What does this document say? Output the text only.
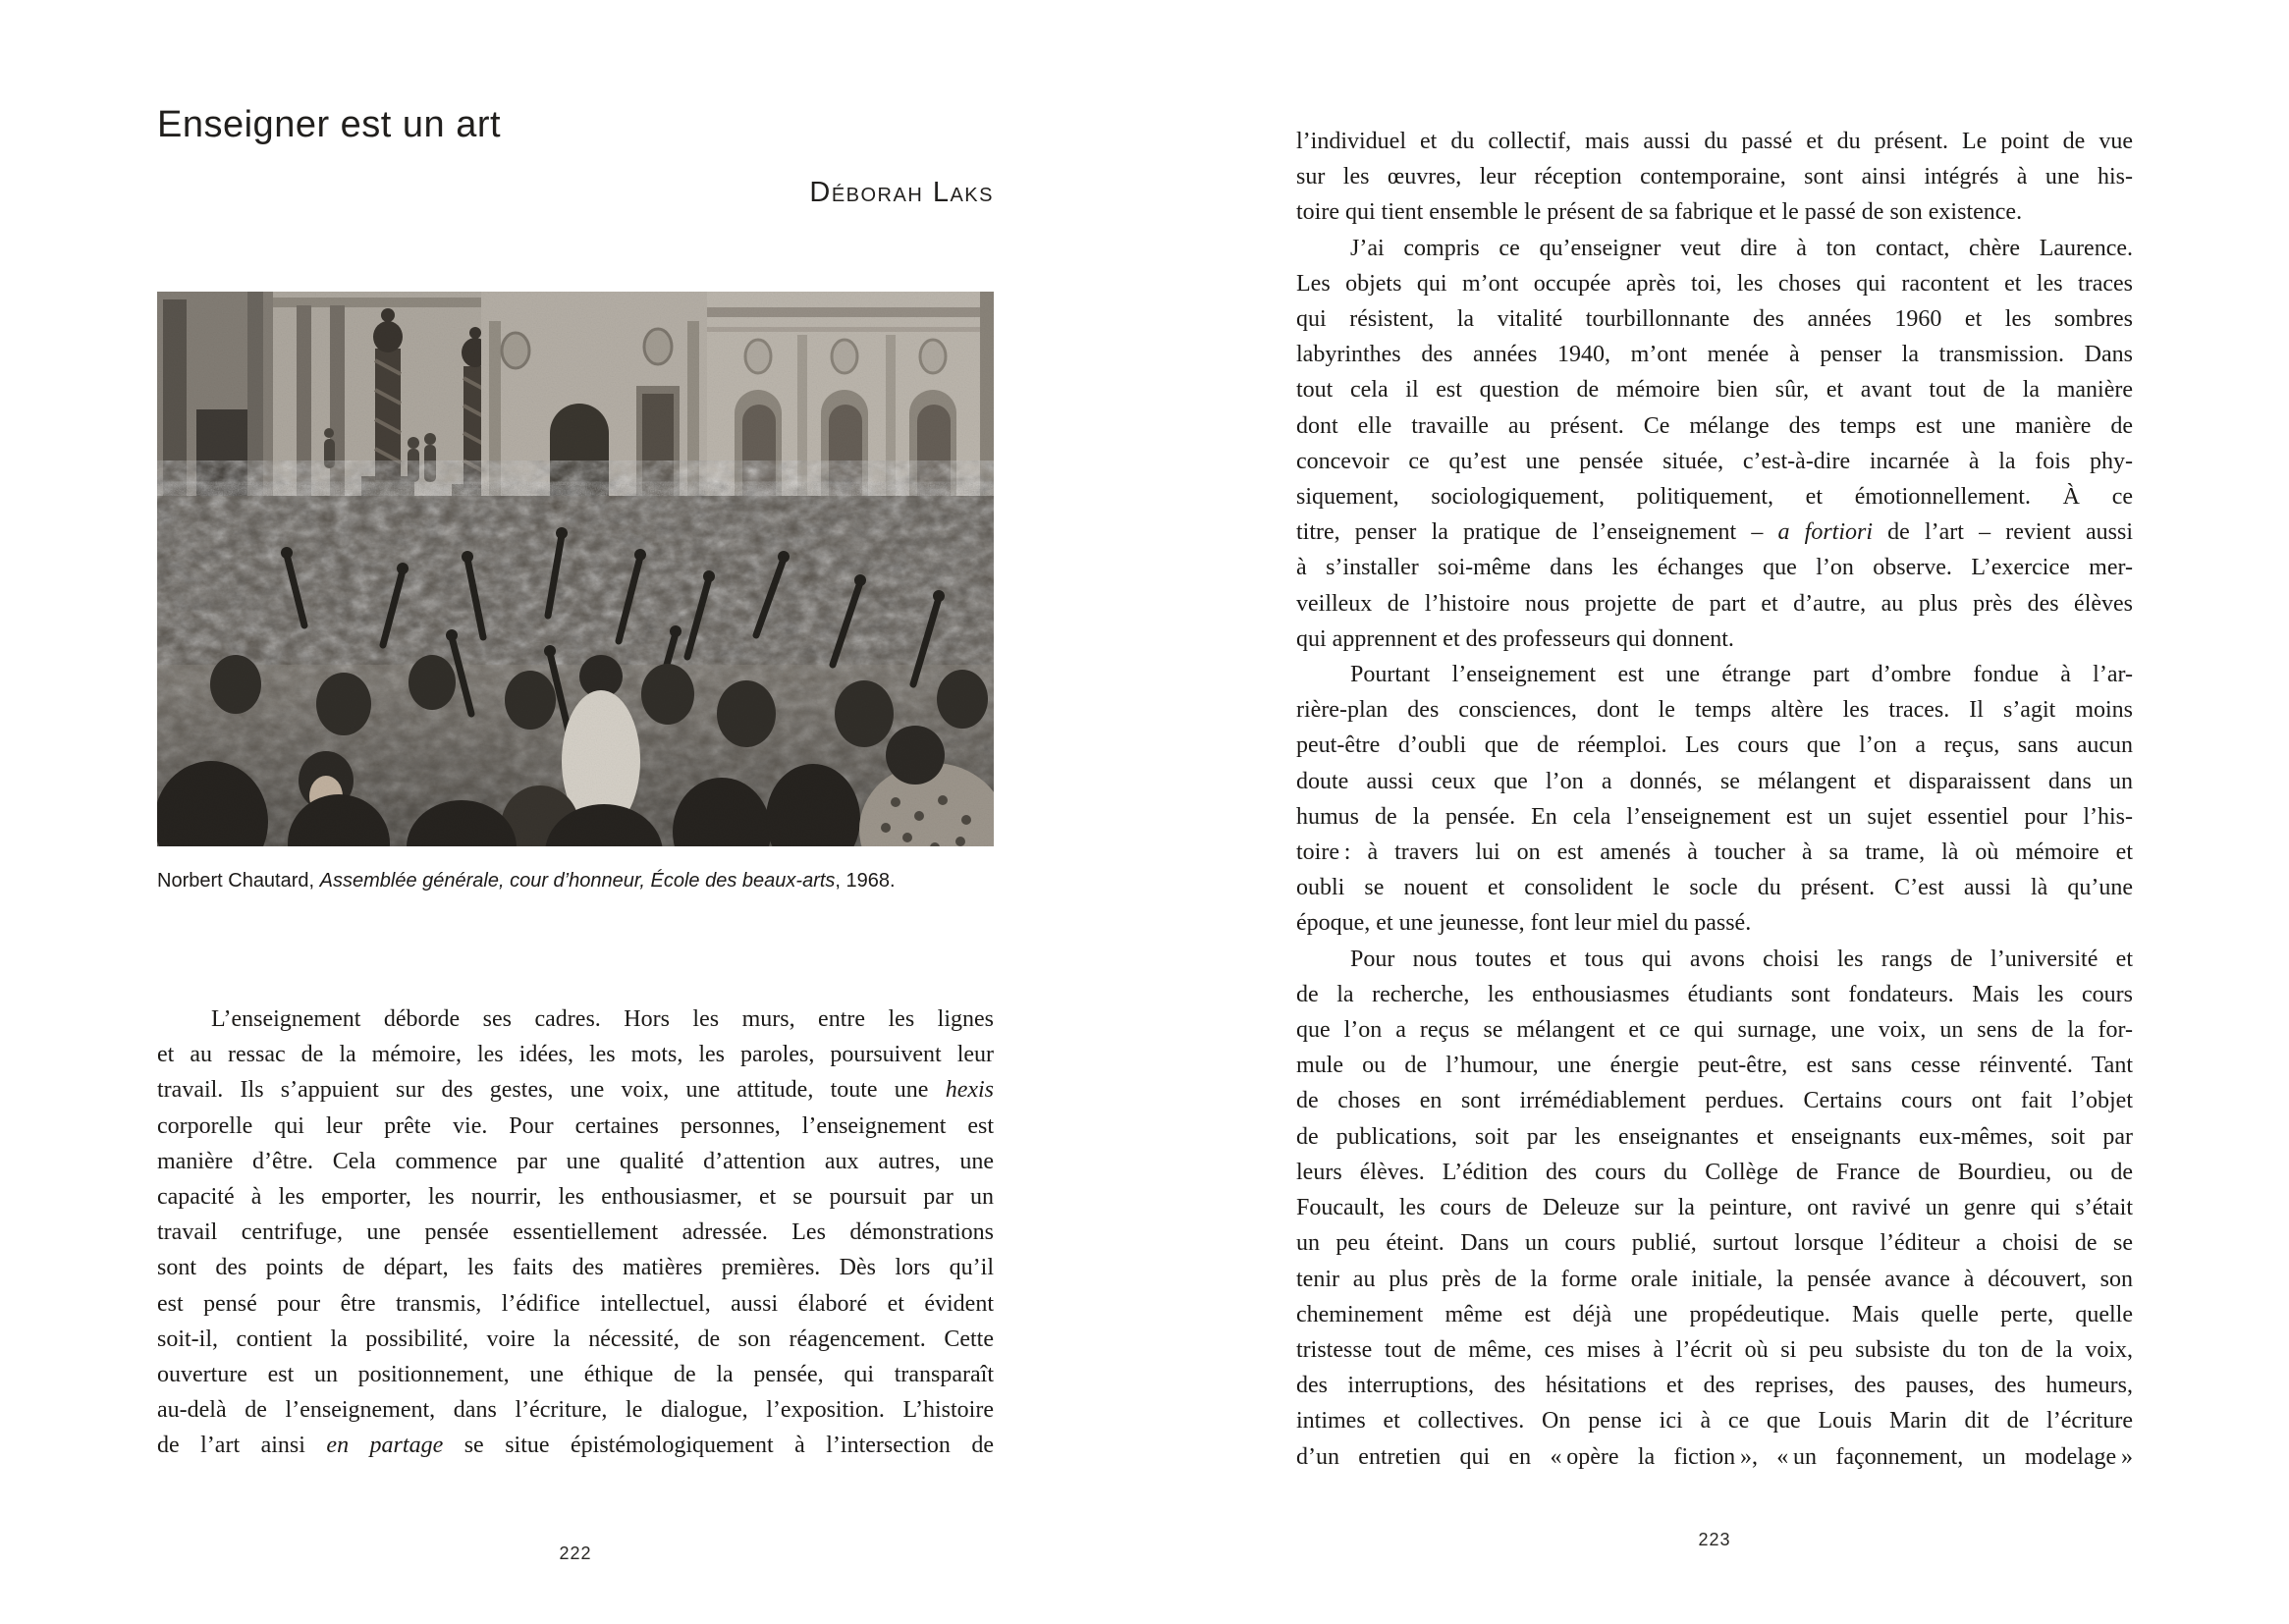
Enseigner est un art
Déborah Laks
Norbert Chautard, Assemblée générale, cour d’honneur, École des beaux-arts, 1968.
L’enseignement déborde ses cadres. Hors les murs, entre les lignes
et au ressac de la mémoire, les idées, les mots, les paroles, poursuivent leur
travail. Ils s’appuient sur des gestes, une voix, une attitude, toute une hexis
corporelle qui leur prête vie. Pour certaines personnes, l’enseignement est
manière d’être. Cela commence par une qualité d’attention aux autres, une
capacité à les emporter, les nourrir, les enthousiasmer, et se poursuit par un
travail centrifuge, une pensée essentiellement adressée. Les démonstrations
sont des points de départ, les faits des matières premières. Dès lors qu’il
est pensé pour être transmis, l’édifice intellectuel, aussi élaboré et évident
soit-il, contient la possibilité, voire la nécessité, de son réagencement. Cette
ouverture est un positionnement, une éthique de la pensée, qui transparaît
au-delà de l’enseignement, dans l’écriture, le dialogue, l’exposition. L’histoire
de l’art ainsi en partage se situe épistémologiquement à l’intersection de
222
l’individuel et du collectif, mais aussi du passé et du présent. Le point de vue
sur les œuvres, leur réception contemporaine, sont ainsi intégrés à une his-
toire qui tient ensemble le présent de sa fabrique et le passé de son existence.
J’ai compris ce qu’enseigner veut dire à ton contact, chère Laurence.
Les objets qui m’ont occupée après toi, les choses qui racontent et les traces
qui résistent, la vitalité tourbillonnante des années 1960 et les sombres
labyrinthes des années 1940, m’ont menée à penser la transmission. Dans
tout cela il est question de mémoire bien sûr, et avant tout de la manière
dont elle travaille au présent. Ce mélange des temps est une manière de
concevoir ce qu’est une pensée située, c’est-à-dire incarnée à la fois phy-
siquement, sociologiquement, politiquement, et émotionnellement. À ce
titre, penser la pratique de l’enseignement – a fortiori de l’art – revient aussi
à s’installer soi-même dans les échanges que l’on observe. L’exercice mer-
veilleux de l’histoire nous projette de part et d’autre, au plus près des élèves
qui apprennent et des professeurs qui donnent.
Pourtant l’enseignement est une étrange part d’ombre fondue à l’ar-
rière-plan des consciences, dont le temps altère les traces. Il s’agit moins
peut-être d’oubli que de réemploi. Les cours que l’on a reçus, sans aucun
doute aussi ceux que l’on a donnés, se mélangent et disparaissent dans un
humus de la pensée. En cela l’enseignement est un sujet essentiel pour l’his-
toire : à travers lui on est amenés à toucher à sa trame, là où mémoire et
oubli se nouent et consolident le socle du présent. C’est aussi là qu’une
époque, et une jeunesse, font leur miel du passé.
Pour nous toutes et tous qui avons choisi les rangs de l’université et
de la recherche, les enthousiasmes étudiants sont fondateurs. Mais les cours
que l’on a reçus se mélangent et ce qui surnage, une voix, un sens de la for-
mule ou de l’humour, une énergie peut-être, est sans cesse réinventé. Tant
de choses en sont irrémédiablement perdues. Certains cours ont fait l’objet
de publications, soit par les enseignantes et enseignants eux-mêmes, soit par
leurs élèves. L’édition des cours du Collège de France de Bourdieu, ou de
Foucault, les cours de Deleuze sur la peinture, ont ravivé un genre qui s’était
un peu éteint. Dans un cours publié, surtout lorsque l’éditeur a choisi de se
tenir au plus près de la forme orale initiale, la pensée avance à découvert, son
cheminement même est déjà une propédeutique. Mais quelle perte, quelle
tristesse tout de même, ces mises à l’écrit où si peu subsiste du ton de la voix,
des interruptions, des hésitations et des reprises, des pauses, des humeurs,
intimes et collectives. On pense ici à ce que Louis Marin dit de l’écriture
d’un entretien qui en « opère la fiction », « un façonnement, un modelage »
223
